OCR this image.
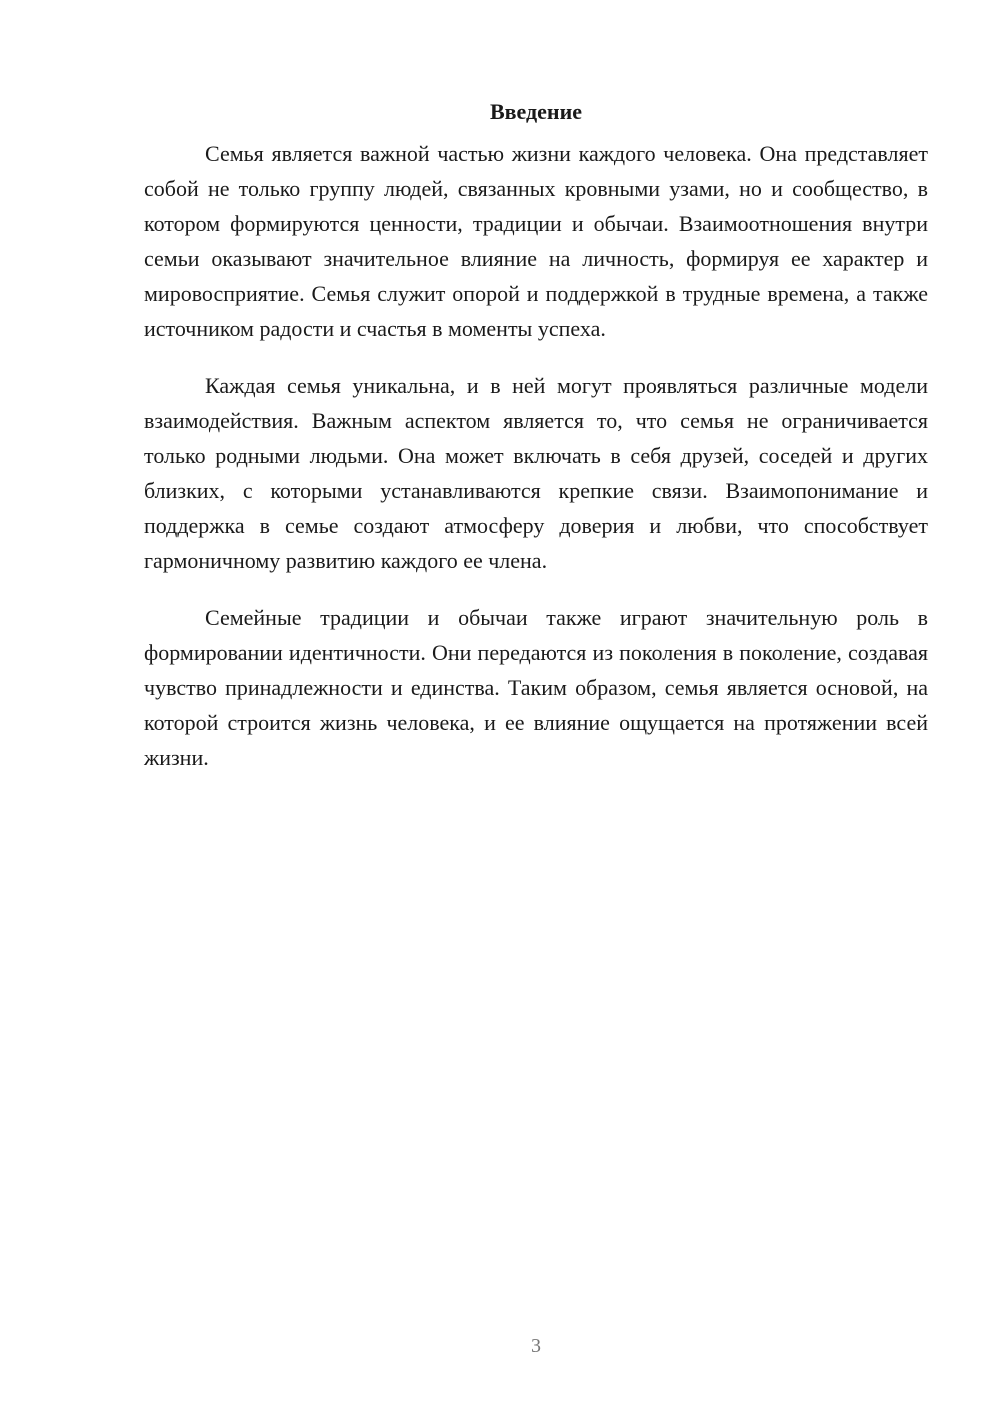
Введение

Семья является важной частью жизни каждого человека. Она представляет собой не только группу людей, связанных кровными узами, но и сообщество, в котором формируются ценности, традиции и обычаи. Взаимоотношения внутри семьи оказывают значительное влияние на личность, формируя ее характер и мировосприятие. Семья служит опорой и поддержкой в трудные времена, а также источником радости и счастья в моменты успеха.

Каждая семья уникальна, и в ней могут проявляться различные модели взаимодействия. Важным аспектом является то, что семья не ограничивается только родными людьми. Она может включать в себя друзей, соседей и других близких, с которыми устанавливаются крепкие связи. Взаимопонимание и поддержка в семье создают атмосферу доверия и любви, что способствует гармоничному развитию каждого ее члена.

Семейные традиции и обычаи также играют значительную роль в формировании идентичности. Они передаются из поколения в поколение, создавая чувство принадлежности и единства. Таким образом, семья является основой, на которой строится жизнь человека, и ее влияние ощущается на протяжении всей жизни.

3
